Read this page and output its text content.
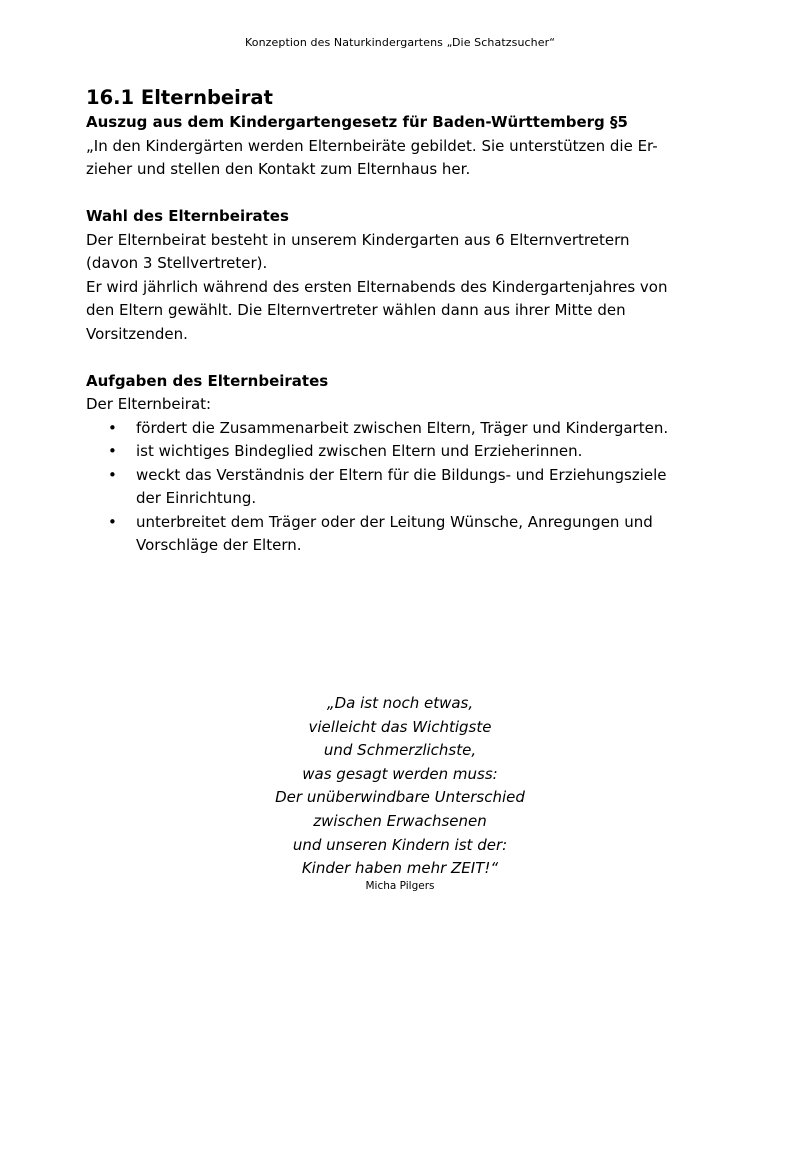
Konzeption des Naturkindergartens „Die Schatzsucher“
16.1 Elternbeirat

Auszug aus dem Kindergartengesetz für Baden-Württemberg §5

„In den Kindergärten werden Elternbeiräte gebildet. Sie unterstützen die Er-

zieher und stellen den Kontakt zum Elternhaus her.

Wahl des Elternbeirates

Der Elternbeirat besteht in unserem Kindergarten aus 6 Elternvertretern

(davon 3 Stellvertreter).

Er wird jährlich während des ersten Elternabends des Kindergartenjahres von

den Eltern gewählt. Die Elternvertreter wählen dann aus ihrer Mitte den

Vorsitzenden.

Aufgaben des Elternbeirates

Der Elternbeirat:

• fördert die Zusammenarbeit zwischen Eltern, Träger und Kindergarten.
• ist wichtiges Bindeglied zwischen Eltern und Erzieherinnen.
• weckt das Verständnis der Eltern für die Bildungs- und Erziehungsziele
der Einrichtung.
• unterbreitet dem Träger oder der Leitung Wünsche, Anregungen und
Vorschläge der Eltern.
„Da ist noch etwas,
vielleicht das Wichtigste
und Schmerzlichste,
was gesagt werden muss:
Der unüberwindbare Unterschied
zwischen Erwachsenen
und unseren Kindern ist der:
Kinder haben mehr ZEIT!“
Micha Pilgers
